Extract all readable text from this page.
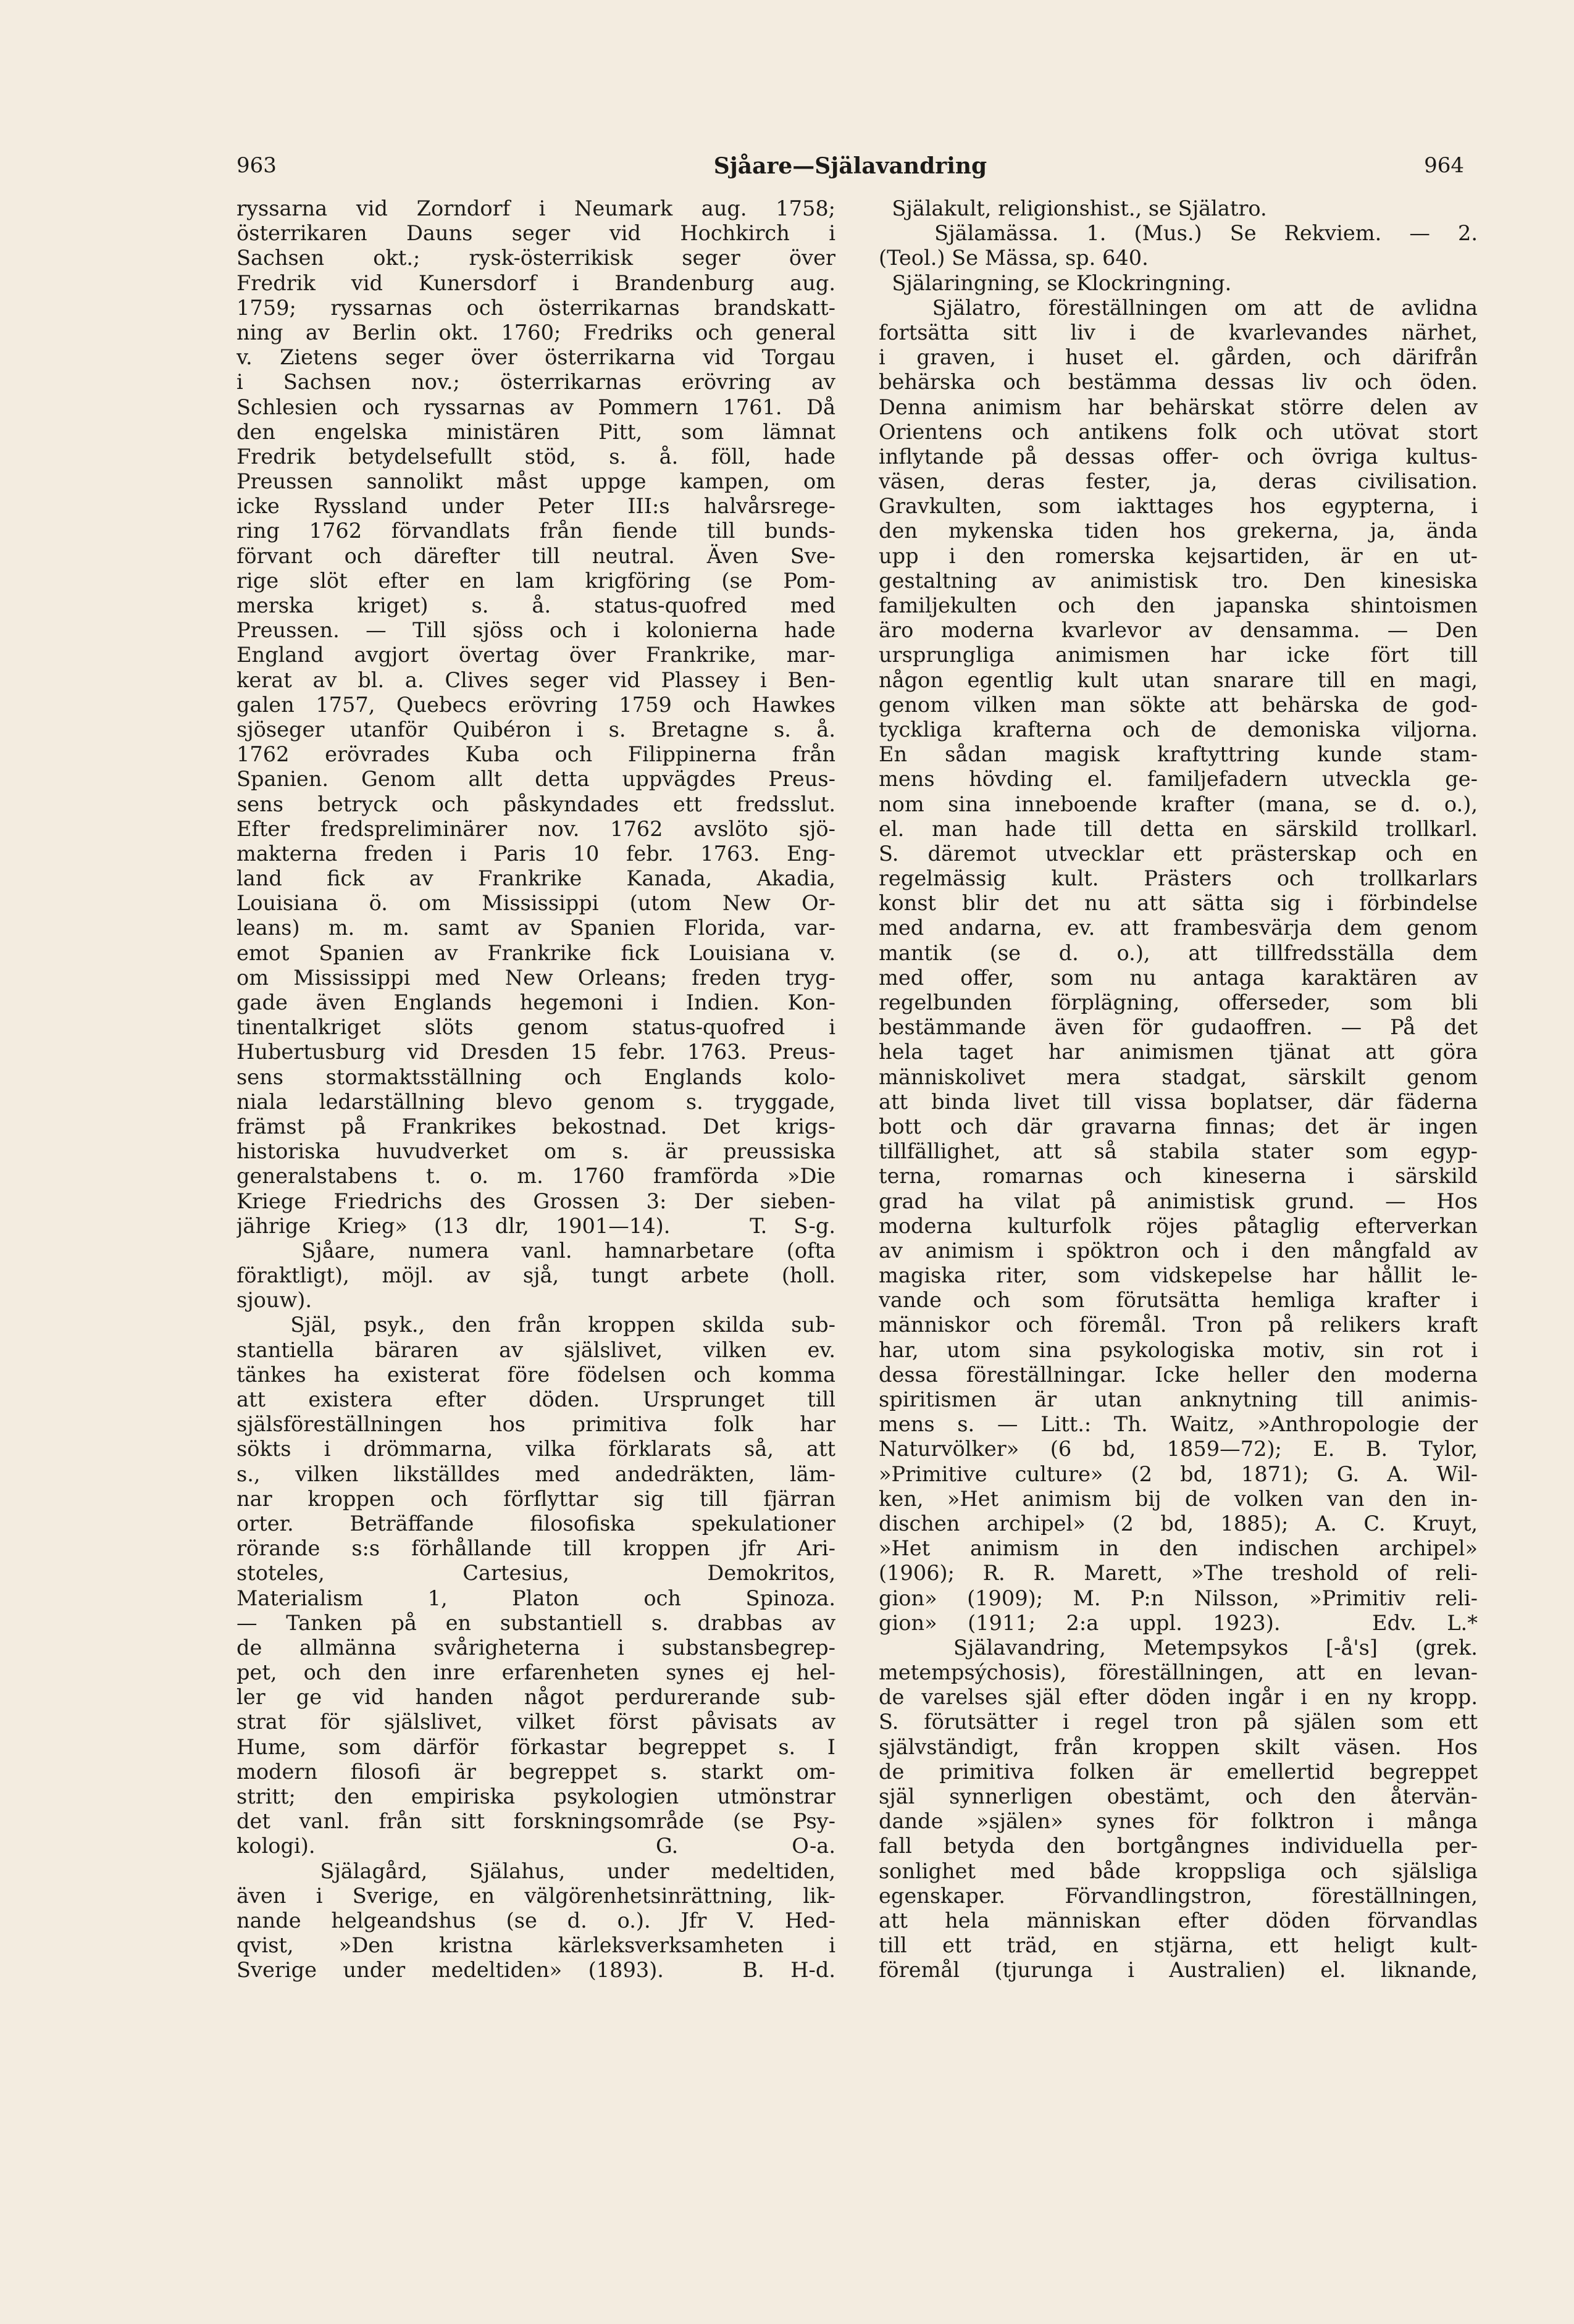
963	Sjåare—Själavandring	964
ryssarna vid Zorndorf i Neumark aug. 1758;
österrikaren Dauns seger vid Hochkirch i
Sachsen okt.; rysk-österrikisk seger över
Fredrik vid Kunersdorf i Brandenburg aug.
1759; ryssarnas och österrikarnas brandskatt-
ning av Berlin okt. 1760; Fredriks och general
v. Zietens seger över österrikarna vid Torgau
i Sachsen nov.; österrikarnas erövring av
Schlesien och ryssarnas av Pommern 1761. Då
den engelska ministären Pitt, som lämnat
Fredrik betydelsefullt stöd, s. å. föll, hade
Preussen sannolikt måst uppge kampen, om
icke Ryssland under Peter III:s halvårsrege-
ring 1762 förvandlats från fiende till bunds-
förvant och därefter till neutral. Även Sve-
rige slöt efter en lam krigföring (se Pom-
merska kriget) s. å. status-quofred med
Preussen. — Till sjöss och i kolonierna hade
England avgjort övertag över Frankrike, mar-
kerat av bl. a. Clives seger vid Plassey i Ben-
galen 1757, Quebecs erövring 1759 och Hawkes
sjöseger utanför Quibéron i s. Bretagne s. å.
1762 erövrades Kuba och Filippinerna från
Spanien. Genom allt detta uppvägdes Preus-
sens betryck och påskyndades ett fredsslut.
Efter fredspreliminärer nov. 1762 avslöto sjö-
makterna freden i Paris 10 febr. 1763. Eng-
land fick av Frankrike Kanada, Akadia,
Louisiana ö. om Mississippi (utom New Or-
leans) m. m. samt av Spanien Florida, var-
emot Spanien av Frankrike fick Louisiana v.
om Mississippi med New Orleans; freden tryg-
gade även Englands hegemoni i Indien. Kon-
tinentalkriget slöts genom status-quofred i
Hubertusburg vid Dresden 15 febr. 1763. Preus-
sens stormaktsställning och Englands kolo-
niala ledarställning blevo genom s. tryggade,
främst på Frankrikes bekostnad. Det krigs-
historiska huvudverket om s. är preussiska
generalstabens t. o. m. 1760 framförda »Die
Kriege Friedrichs des Grossen 3: Der sieben-
jährige Krieg» (13 dlr, 1901—14).   T. S-g.
Sjåare, numera vanl. hamnarbetare (ofta
föraktligt), möjl. av sjå, tungt arbete (holl.
sjouw).
Själ, psyk., den från kroppen skilda sub-
stantiella bäraren av själslivet, vilken ev.
tänkes ha existerat före födelsen och komma
att existera efter döden. Ursprunget till
själsföreställningen hos primitiva folk har
sökts i drömmarna, vilka förklarats så, att
s., vilken likställdes med andedräkten, läm-
nar kroppen och förflyttar sig till fjärran
orter. Beträffande filosofiska spekulationer
rörande s:s förhållande till kroppen jfr Ari-
stoteles, Cartesius, Demokritos,
Materialism 1, Platon och Spinoza.
— Tanken på en substantiell s. drabbas av
de allmänna svårigheterna i substansbegrep-
pet, och den inre erfarenheten synes ej hel-
ler ge vid handen något perdurerande sub-
strat för själslivet, vilket först påvisats av
Hume, som därför förkastar begreppet s. I
modern filosofi är begreppet s. starkt om-
stritt; den empiriska psykologien utmönstrar
det vanl. från sitt forskningsområde (se Psy-
kologi).   G. O-a.
Själagård, Själahus, under medeltiden,
även i Sverige, en välgörenhetsinrättning, lik-
nande helgeandshus (se d. o.). Jfr V. Hed-
qvist, »Den kristna kärleksverksamheten i
Sverige under medeltiden» (1893).   B. H-d.
Själakult, religionshist., se Själatro.
Själamässa. 1. (Mus.) Se Rekviem. — 2.
(Teol.) Se Mässa, sp. 640.
Själaringning, se Klockringning.
Själatro, föreställningen om att de avlidna
fortsätta sitt liv i de kvarlevandes närhet,
i graven, i huset el. gården, och därifrån
behärska och bestämma dessas liv och öden.
Denna animism har behärskat större delen av
Orientens och antikens folk och utövat stort
inflytande på dessas offer- och övriga kultus-
väsen, deras fester, ja, deras civilisation.
Gravkulten, som iakttages hos egypterna, i
den mykenska tiden hos grekerna, ja, ända
upp i den romerska kejsartiden, är en ut-
gestaltning av animistisk tro. Den kinesiska
familjekulten och den japanska shintoismen
äro moderna kvarlevor av densamma. — Den
ursprungliga animismen har icke fört till
någon egentlig kult utan snarare till en magi,
genom vilken man sökte att behärska de god-
tyckliga krafterna och de demoniska viljorna.
En sådan magisk kraftyttring kunde stam-
mens hövding el. familjefadern utveckla ge-
nom sina inneboende krafter (mana, se d. o.),
el. man hade till detta en särskild trollkarl.
S. däremot utvecklar ett prästerskap och en
regelmässig kult. Prästers och trollkarlars
konst blir det nu att sätta sig i förbindelse
med andarna, ev. att frambesvärja dem genom
mantik (se d. o.), att tillfredsställa dem
med offer, som nu antaga karaktären av
regelbunden förplägning, offerseder, som bli
bestämmande även för gudaoffren. — På det
hela taget har animismen tjänat att göra
människolivet mera stadgat, särskilt genom
att binda livet till vissa boplatser, där fäderna
bott och där gravarna finnas; det är ingen
tillfällighet, att så stabila stater som egyp-
terna, romarnas och kineserna i särskild
grad ha vilat på animistisk grund. — Hos
moderna kulturfolk röjes påtaglig efterverkan
av animism i spöktron och i den mångfald av
magiska riter, som vidskepelse har hållit le-
vande och som förutsätta hemliga krafter i
människor och föremål. Tron på relikers kraft
har, utom sina psykologiska motiv, sin rot i
dessa föreställningar. Icke heller den moderna
spiritismen är utan anknytning till animis-
mens s. — Litt.: Th. Waitz, »Anthropologie der
Naturvölker» (6 bd, 1859—72); E. B. Tylor,
»Primitive culture» (2 bd, 1871); G. A. Wil-
ken, »Het animism bij de volken van den in-
dischen archipel» (2 bd, 1885); A. C. Kruyt,
»Het animism in den indischen archipel»
(1906); R. R. Marett, »The treshold of reli-
gion» (1909); M. P:n Nilsson, »Primitiv reli-
gion» (1911; 2:a uppl. 1923).   Edv. L.*
Själavandring, Metempsykos [-å's] (grek.
metempsýchosis), föreställningen, att en levan-
de varelses själ efter döden ingår i en ny kropp.
S. förutsätter i regel tron på själen som ett
självständigt, från kroppen skilt väsen. Hos
de primitiva folken är emellertid begreppet
själ synnerligen obestämt, och den återvän-
dande »själen» synes för folktron i många
fall betyda den bortgångnes individuella per-
sonlighet med både kroppsliga och själsliga
egenskaper. Förvandlingstron, föreställningen,
att hela människan efter döden förvandlas
till ett träd, en stjärna, ett heligt kult-
föremål (tjurunga i Australien) el. liknande,
